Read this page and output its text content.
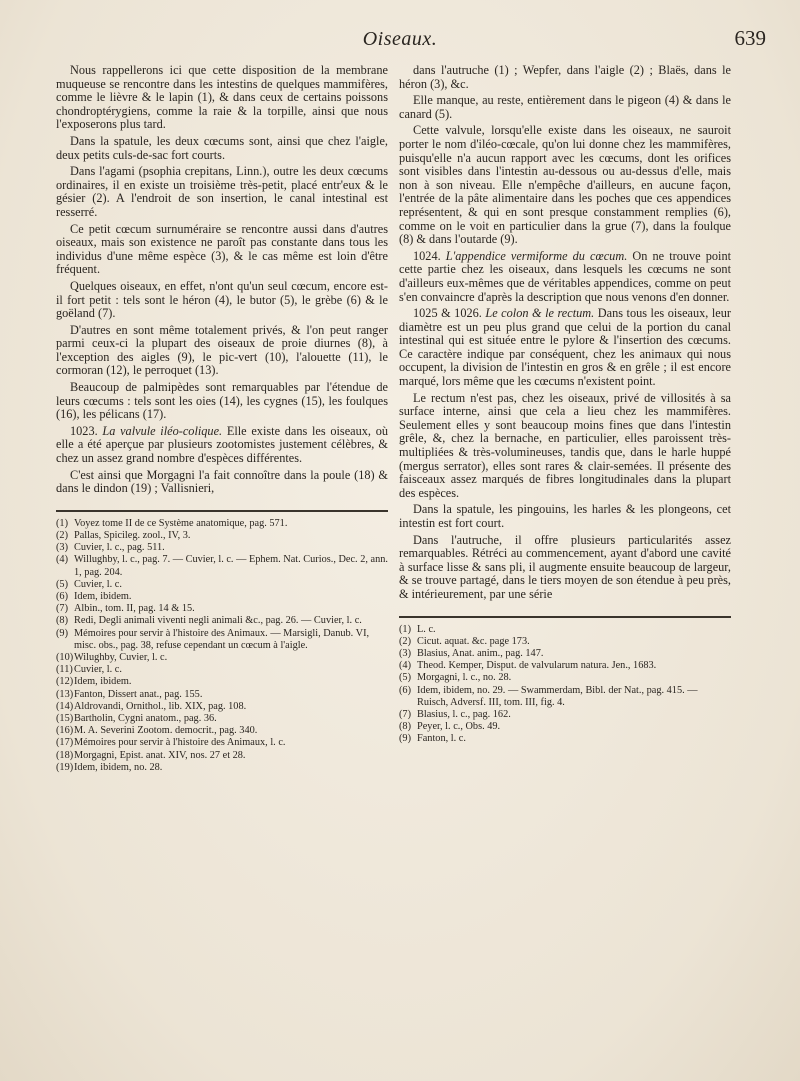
Oiseaux.	639

Nous rappellerons ici que cette disposition de la membrane muqueuse se rencontre dans les intestins de quelques mammifères, comme le lièvre & le lapin (1), & dans ceux de certains poissons chondroptérygiens, comme la raie & la torpille, ainsi que nous l'exposerons plus tard.

Dans la spatule, les deux cœcums sont, ainsi que chez l'aigle, deux petits culs-de-sac fort courts.

Dans l'agami (psophia crepitans, Linn.), outre les deux cœcums ordinaires, il en existe un troisième très-petit, placé entr'eux & le gésier (2). A l'endroit de son insertion, le canal intestinal est resserré.

Ce petit cœcum surnuméraire se rencontre aussi dans d'autres oiseaux, mais son existence ne paroît pas constante dans tous les individus d'une même espèce (3), & le cas même est loin d'être fréquent.

Quelques oiseaux, en effet, n'ont qu'un seul cœcum, encore est-il fort petit : tels sont le héron (4), le butor (5), le grèbe (6) & le goëland (7).

D'autres en sont même totalement privés, & l'on peut ranger parmi ceux-ci la plupart des oiseaux de proie diurnes (8), à l'exception des aigles (9), le pic-vert (10), l'alouette (11), le cormoran (12), le perroquet (13).

Beaucoup de palmipèdes sont remarquables par l'étendue de leurs cœcums : tels sont les oies (14), les cygnes (15), les foulques (16), les pélicans (17).

1023. La valvule iléo-colique. Elle existe dans les oiseaux, où elle a été aperçue par plusieurs zootomistes justement célèbres, & chez un assez grand nombre d'espèces différentes.

C'est ainsi que Morgagni l'a fait connoître dans la poule (18) & dans le dindon (19) ; Vallisnieri,

(1) Voyez tome II de ce Système anatomique, pag. 571.
(2) Pallas, Spicileg. zool., IV, 3.
(3) Cuvier, l. c., pag. 511.
(4) Willughby, l. c., pag. 7. — Cuvier, l. c. — Ephem. Nat. Curios., Dec. 2, ann. 1, pag. 204.
(5) Cuvier, l. c.
(6) Idem, ibidem.
(7) Albin., tom. II, pag. 14 & 15.
(8) Redi, Degli animali viventi negli animali &c., pag. 26. — Cuvier, l. c.
(9) Mémoires pour servir à l'histoire des Animaux. — Marsigli, Danub. VI, misc. obs., pag. 38, refuse cependant un cœcum à l'aigle.
(10) Wilughby, Cuvier, l. c.
(11) Cuvier, l. c.
(12) Idem, ibidem.
(13) Fanton, Dissert anat., pag. 155.
(14) Aldrovandi, Ornithol., lib. XIX, pag. 108.
(15) Bartholin, Cygni anatom., pag. 36.
(16) M. A. Severini Zootom. democrit., pag. 340.
(17) Mémoires pour servir à l'histoire des Animaux, l. c.
(18) Morgagni, Epist. anat. XIV, nos. 27 et 28.
(19) Idem, ibidem, no. 28.

dans l'autruche (1) ; Wepfer, dans l'aigle (2) ; Blaës, dans le héron (3), &c.

Elle manque, au reste, entièrement dans le pigeon (4) & dans le canard (5).

Cette valvule, lorsqu'elle existe dans les oiseaux, ne sauroit porter le nom d'iléo-cœcale, qu'on lui donne chez les mammifères, puisqu'elle n'a aucun rapport avec les cœcums, dont les orifices sont visibles dans l'intestin au-dessous ou au-dessus d'elle, mais non à son niveau. Elle n'empêche d'ailleurs, en aucune façon, l'entrée de la pâte alimentaire dans les poches que ces appendices représentent, & qui en sont presque constamment remplies (6), comme on le voit en particulier dans la grue (7), dans la foulque (8) & dans l'outarde (9).

1024. L'appendice vermiforme du cœcum. On ne trouve point cette partie chez les oiseaux, dans lesquels les cœcums ne sont d'ailleurs eux-mêmes que de véritables appendices, comme on peut s'en convaincre d'après la description que nous venons d'en donner.

1025 & 1026. Le colon & le rectum. Dans tous les oiseaux, leur diamètre est un peu plus grand que celui de la portion du canal intestinal qui est située entre le pylore & l'insertion des cœcums. Ce caractère indique par conséquent, chez les animaux qui nous occupent, la division de l'intestin en gros & en grêle ; il est encore marqué, lors même que les cœcums n'existent point.

Le rectum n'est pas, chez les oiseaux, privé de villosités à sa surface interne, ainsi que cela a lieu chez les mammifères. Seulement elles y sont beaucoup moins fines que dans l'intestin grêle, &, chez la bernache, en particulier, elles paroissent très-multipliées & très-volumineuses, tandis que, dans le harle huppé (mergus serrator), elles sont rares & clair-semées. Il présente des faisceaux assez marqués de fibres longitudinales dans la plupart des espèces.

Dans la spatule, les pingouins, les harles & les plongeons, cet intestin est fort court.

Dans l'autruche, il offre plusieurs particularités assez remarquables. Rétréci au commencement, ayant d'abord une cavité à surface lisse & sans pli, il augmente ensuite beaucoup de largeur, & se trouve partagé, dans le tiers moyen de son étendue à peu près, & intérieurement, par une série

(1) L. c.
(2) Cicut. aquat. &c. page 173.
(3) Blasius, Anat. anim., pag. 147.
(4) Theod. Kemper, Disput. de valvularum natura. Jen., 1683.
(5) Morgagni, l. c., no. 28.
(6) Idem, ibidem, no. 29. — Swammerdam, Bibl. der Nat., pag. 415. — Ruisch, Adversf. III, tom. III, fig. 4.
(7) Blasius, l. c., pag. 162.
(8) Peyer, l. c., Obs. 49.
(9) Fanton, l. c.
